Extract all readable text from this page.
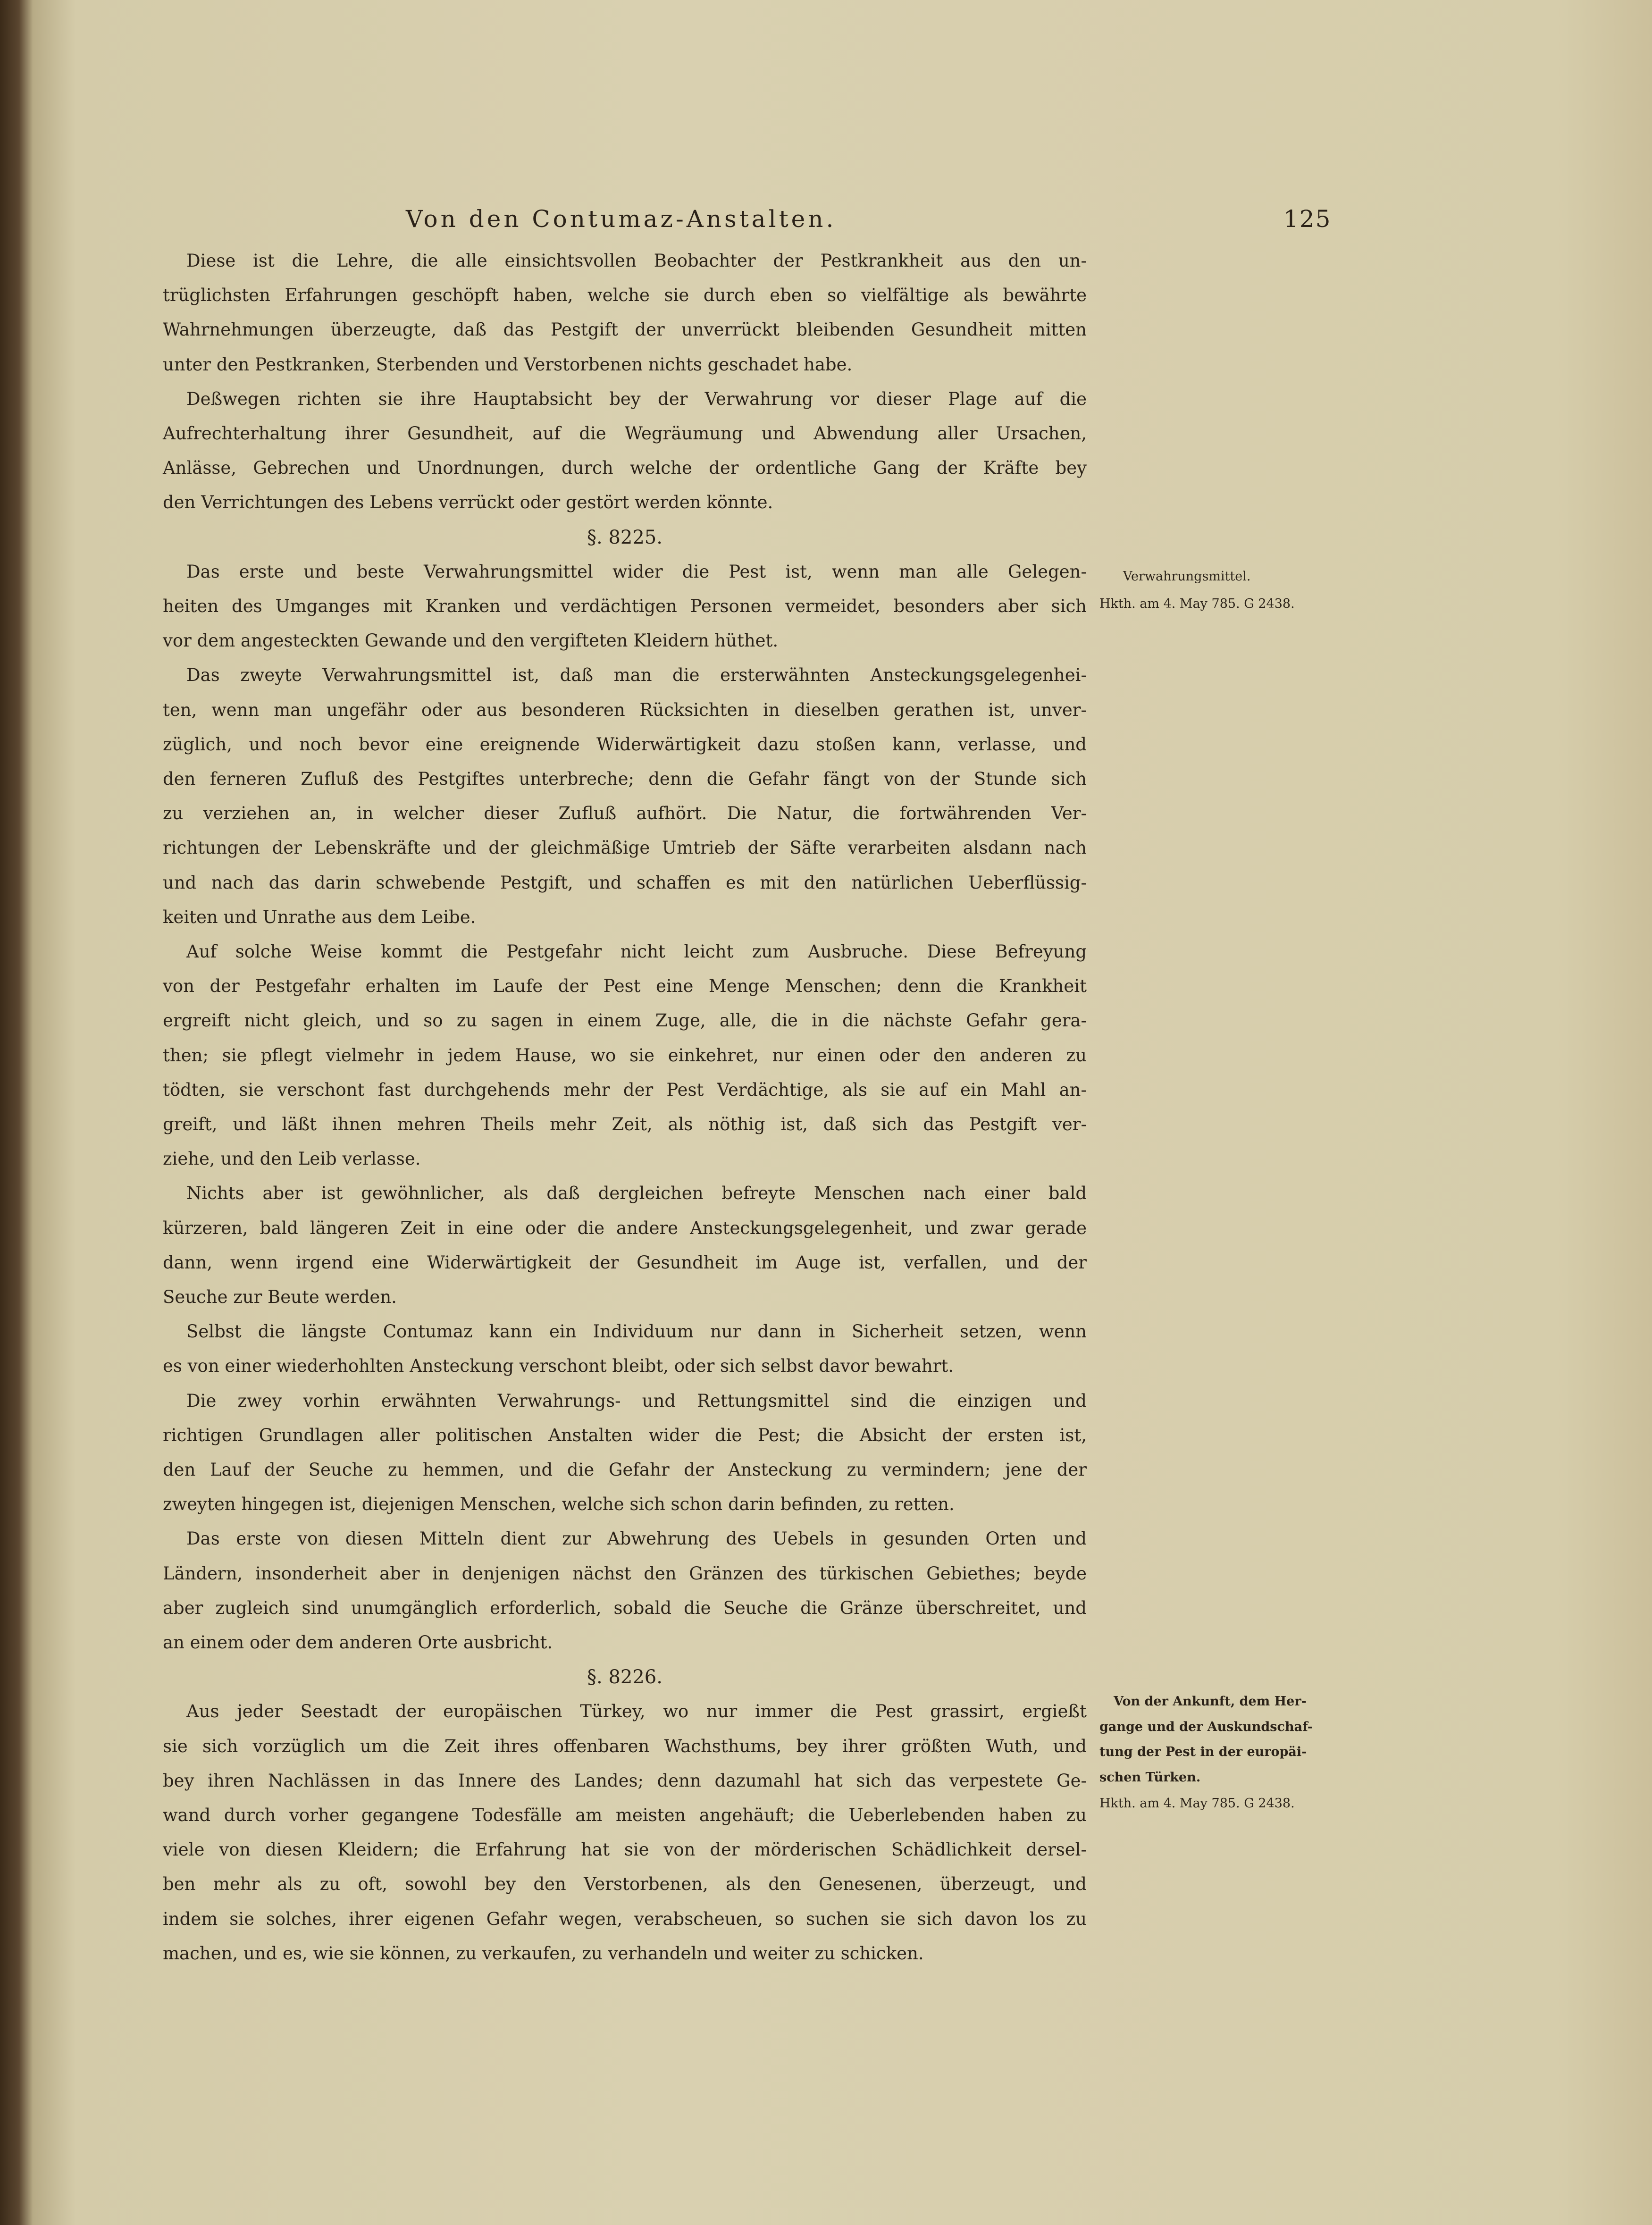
Von den Contumaz-Anstalten.	125
Diese ist die Lehre, die alle einsichtsvollen Beobachter der Pestkrankheit aus den un-
trüglichsten Erfahrungen geschöpft haben, welche sie durch eben so vielfältige als bewährte
Wahrnehmungen überzeugte, daß das Pestgift der unverrückt bleibenden Gesundheit mitten
unter den Pestkranken, Sterbenden und Verstorbenen nichts geschadet habe.
Deßwegen richten sie ihre Hauptabsicht bey der Verwahrung vor dieser Plage auf die
Aufrechterhaltung ihrer Gesundheit, auf die Wegräumung und Abwendung aller Ursachen,
Anlässe, Gebrechen und Unordnungen, durch welche der ordentliche Gang der Kräfte bey
den Verrichtungen des Lebens verrückt oder gestört werden könnte.
§. 8225.
Das erste und beste Verwahrungsmittel wider die Pest ist, wenn man alle Gelegen-
heiten des Umganges mit Kranken und verdächtigen Personen vermeidet, besonders aber sich
vor dem angesteckten Gewande und den vergifteten Kleidern hüthet.
Das zweyte Verwahrungsmittel ist, daß man die ersterwähnten Ansteckungsgelegenhei-
ten, wenn man ungefähr oder aus besonderen Rücksichten in dieselben gerathen ist, unver-
züglich, und noch bevor eine ereignende Widerwärtigkeit dazu stoßen kann, verlasse, und
den ferneren Zufluß des Pestgiftes unterbreche; denn die Gefahr fängt von der Stunde sich
zu verziehen an, in welcher dieser Zufluß aufhört. Die Natur, die fortwährenden Ver-
richtungen der Lebenskräfte und der gleichmäßige Umtrieb der Säfte verarbeiten alsdann nach
und nach das darin schwebende Pestgift, und schaffen es mit den natürlichen Ueberflüssig-
keiten und Unrathe aus dem Leibe.
Auf solche Weise kommt die Pestgefahr nicht leicht zum Ausbruche. Diese Befreyung
von der Pestgefahr erhalten im Laufe der Pest eine Menge Menschen; denn die Krankheit
ergreift nicht gleich, und so zu sagen in einem Zuge, alle, die in die nächste Gefahr gera-
then; sie pflegt vielmehr in jedem Hause, wo sie einkehret, nur einen oder den anderen zu
tödten, sie verschont fast durchgehends mehr der Pest Verdächtige, als sie auf ein Mahl an-
greift, und läßt ihnen mehren Theils mehr Zeit, als nöthig ist, daß sich das Pestgift ver-
ziehe, und den Leib verlasse.
Nichts aber ist gewöhnlicher, als daß dergleichen befreyte Menschen nach einer bald
kürzeren, bald längeren Zeit in eine oder die andere Ansteckungsgelegenheit, und zwar gerade
dann, wenn irgend eine Widerwärtigkeit der Gesundheit im Auge ist, verfallen, und der
Seuche zur Beute werden.
Selbst die längste Contumaz kann ein Individuum nur dann in Sicherheit setzen, wenn
es von einer wiederhohlten Ansteckung verschont bleibt, oder sich selbst davor bewahrt.
Die zwey vorhin erwähnten Verwahrungs- und Rettungsmittel sind die einzigen und
richtigen Grundlagen aller politischen Anstalten wider die Pest; die Absicht der ersten ist,
den Lauf der Seuche zu hemmen, und die Gefahr der Ansteckung zu vermindern; jene der
zweyten hingegen ist, diejenigen Menschen, welche sich schon darin befinden, zu retten.
Das erste von diesen Mitteln dient zur Abwehrung des Uebels in gesunden Orten und
Ländern, insonderheit aber in denjenigen nächst den Gränzen des türkischen Gebiethes; beyde
aber zugleich sind unumgänglich erforderlich, sobald die Seuche die Gränze überschreitet, und
an einem oder dem anderen Orte ausbricht.
§. 8226.
Aus jeder Seestadt der europäischen Türkey, wo nur immer die Pest grassirt, ergießt
sie sich vorzüglich um die Zeit ihres offenbaren Wachsthums, bey ihrer größten Wuth, und
bey ihren Nachlässen in das Innere des Landes; denn dazumahl hat sich das verpestete Ge-
wand durch vorher gegangene Todesfälle am meisten angehäuft; die Ueberlebenden haben zu
viele von diesen Kleidern; die Erfahrung hat sie von der mörderischen Schädlichkeit dersel-
ben mehr als zu oft, sowohl bey den Verstorbenen, als den Genesenen, überzeugt, und
indem sie solches, ihrer eigenen Gefahr wegen, verabscheuen, so suchen sie sich davon los zu
machen, und es, wie sie können, zu verkaufen, zu verhandeln und weiter zu schicken.
Verwahrungsmittel.
Hkth. am 4. May 785. G 2438.
Von der Ankunft, dem Her-
gange und der Auskundschaf-
tung der Pest in der europäi-
schen Türken.
Hkth. am 4. May 785. G 2438.
